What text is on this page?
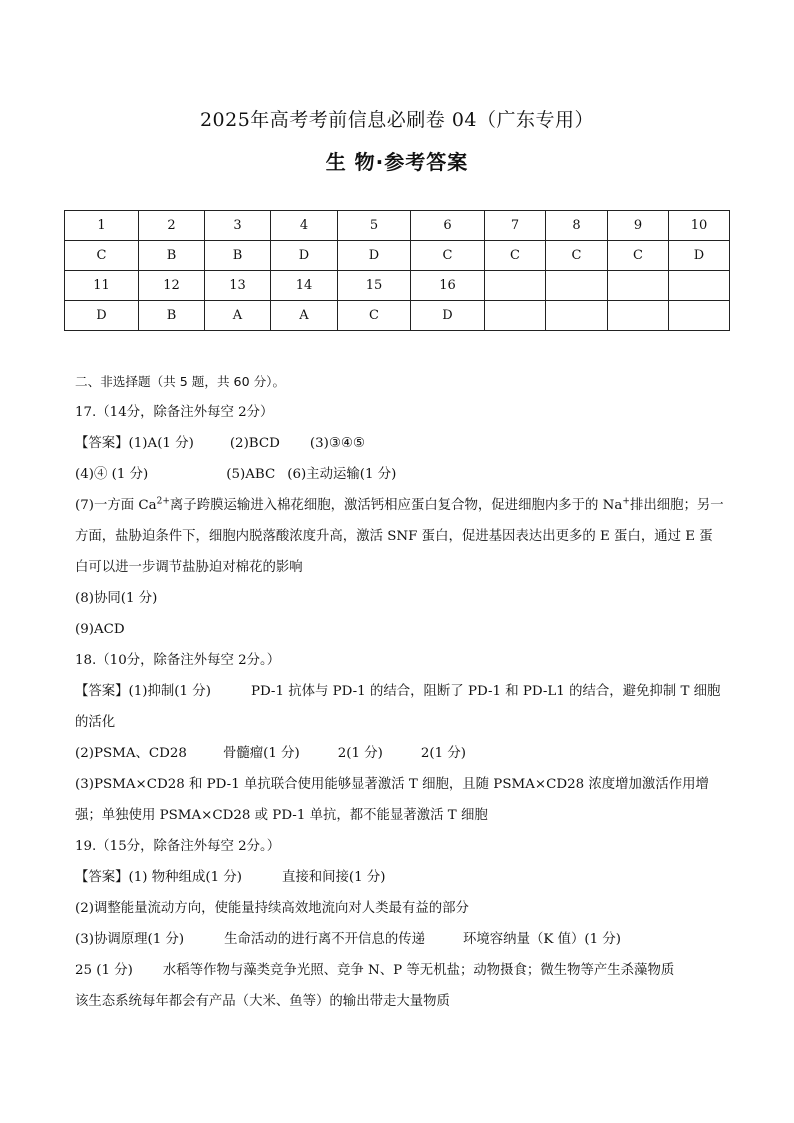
2025年高考考前信息必刷卷 04（广东专用）
生 物·参考答案
1	2	3	4	5	6	7	8	9	10
C	B	B	D	D	C	C	C	C	D
11	12	13	14	15	16				
D	B	A	A	C	D				
二、非选择题（共 5 题，共 60 分）。
17.（14分，除备注外每空 2分）
【答案】(1)A(1 分)	(2)BCD (3)③④⑤
(4)④ (1 分)	(5)ABC (6)主动运输(1 分)
(7)一方面 $Ca^{2+}$离子跨膜运输进入棉花细胞，激活钙相应蛋白复合物，促进细胞内多于的 Na+排出细胞；另一方面，盐胁迫条件下，细胞内脱落酸浓度升高，激活 SNF 蛋白，促进基因表达出更多的 E 蛋白，通过 E 蛋白可以进一步调节盐胁迫对棉花的影响
(8)协同(1 分)
(9)ACD
18.（10分，除备注外每空 2分。）
【答案】(1)抑制(1 分)	PD-1 抗体与 PD-1 的结合，阻断了 PD-1 和 PD-L1 的结合，避免抑制 T 细胞的活化
(2)PSMA、CD28	骨髓瘤(1 分)	2(1 分)	2(1 分)
(3)PSMA×CD28 和 PD-1 单抗联合使用能够显著激活 T 细胞，且随 PSMA×CD28 浓度增加激活作用增强；单独使用 PSMA×CD28 或 PD-1 单抗，都不能显著激活 T 细胞
19.（15分，除备注外每空 2分。）
【答案】(1) 物种组成(1 分)	直接和间接(1 分)
(2)调整能量流动方向，使能量持续高效地流向对人类最有益的部分
(3)协调原理(1 分)	生命活动的进行离不开信息的传递	环境容纳量（K 值）(1 分)
25 (1 分) 水稻等作物与藻类竞争光照、竞争 N、P 等无机盐；动物摄食；微生物等产生杀藻物质
该生态系统每年都会有产品（大米、鱼等）的输出带走大量物质
